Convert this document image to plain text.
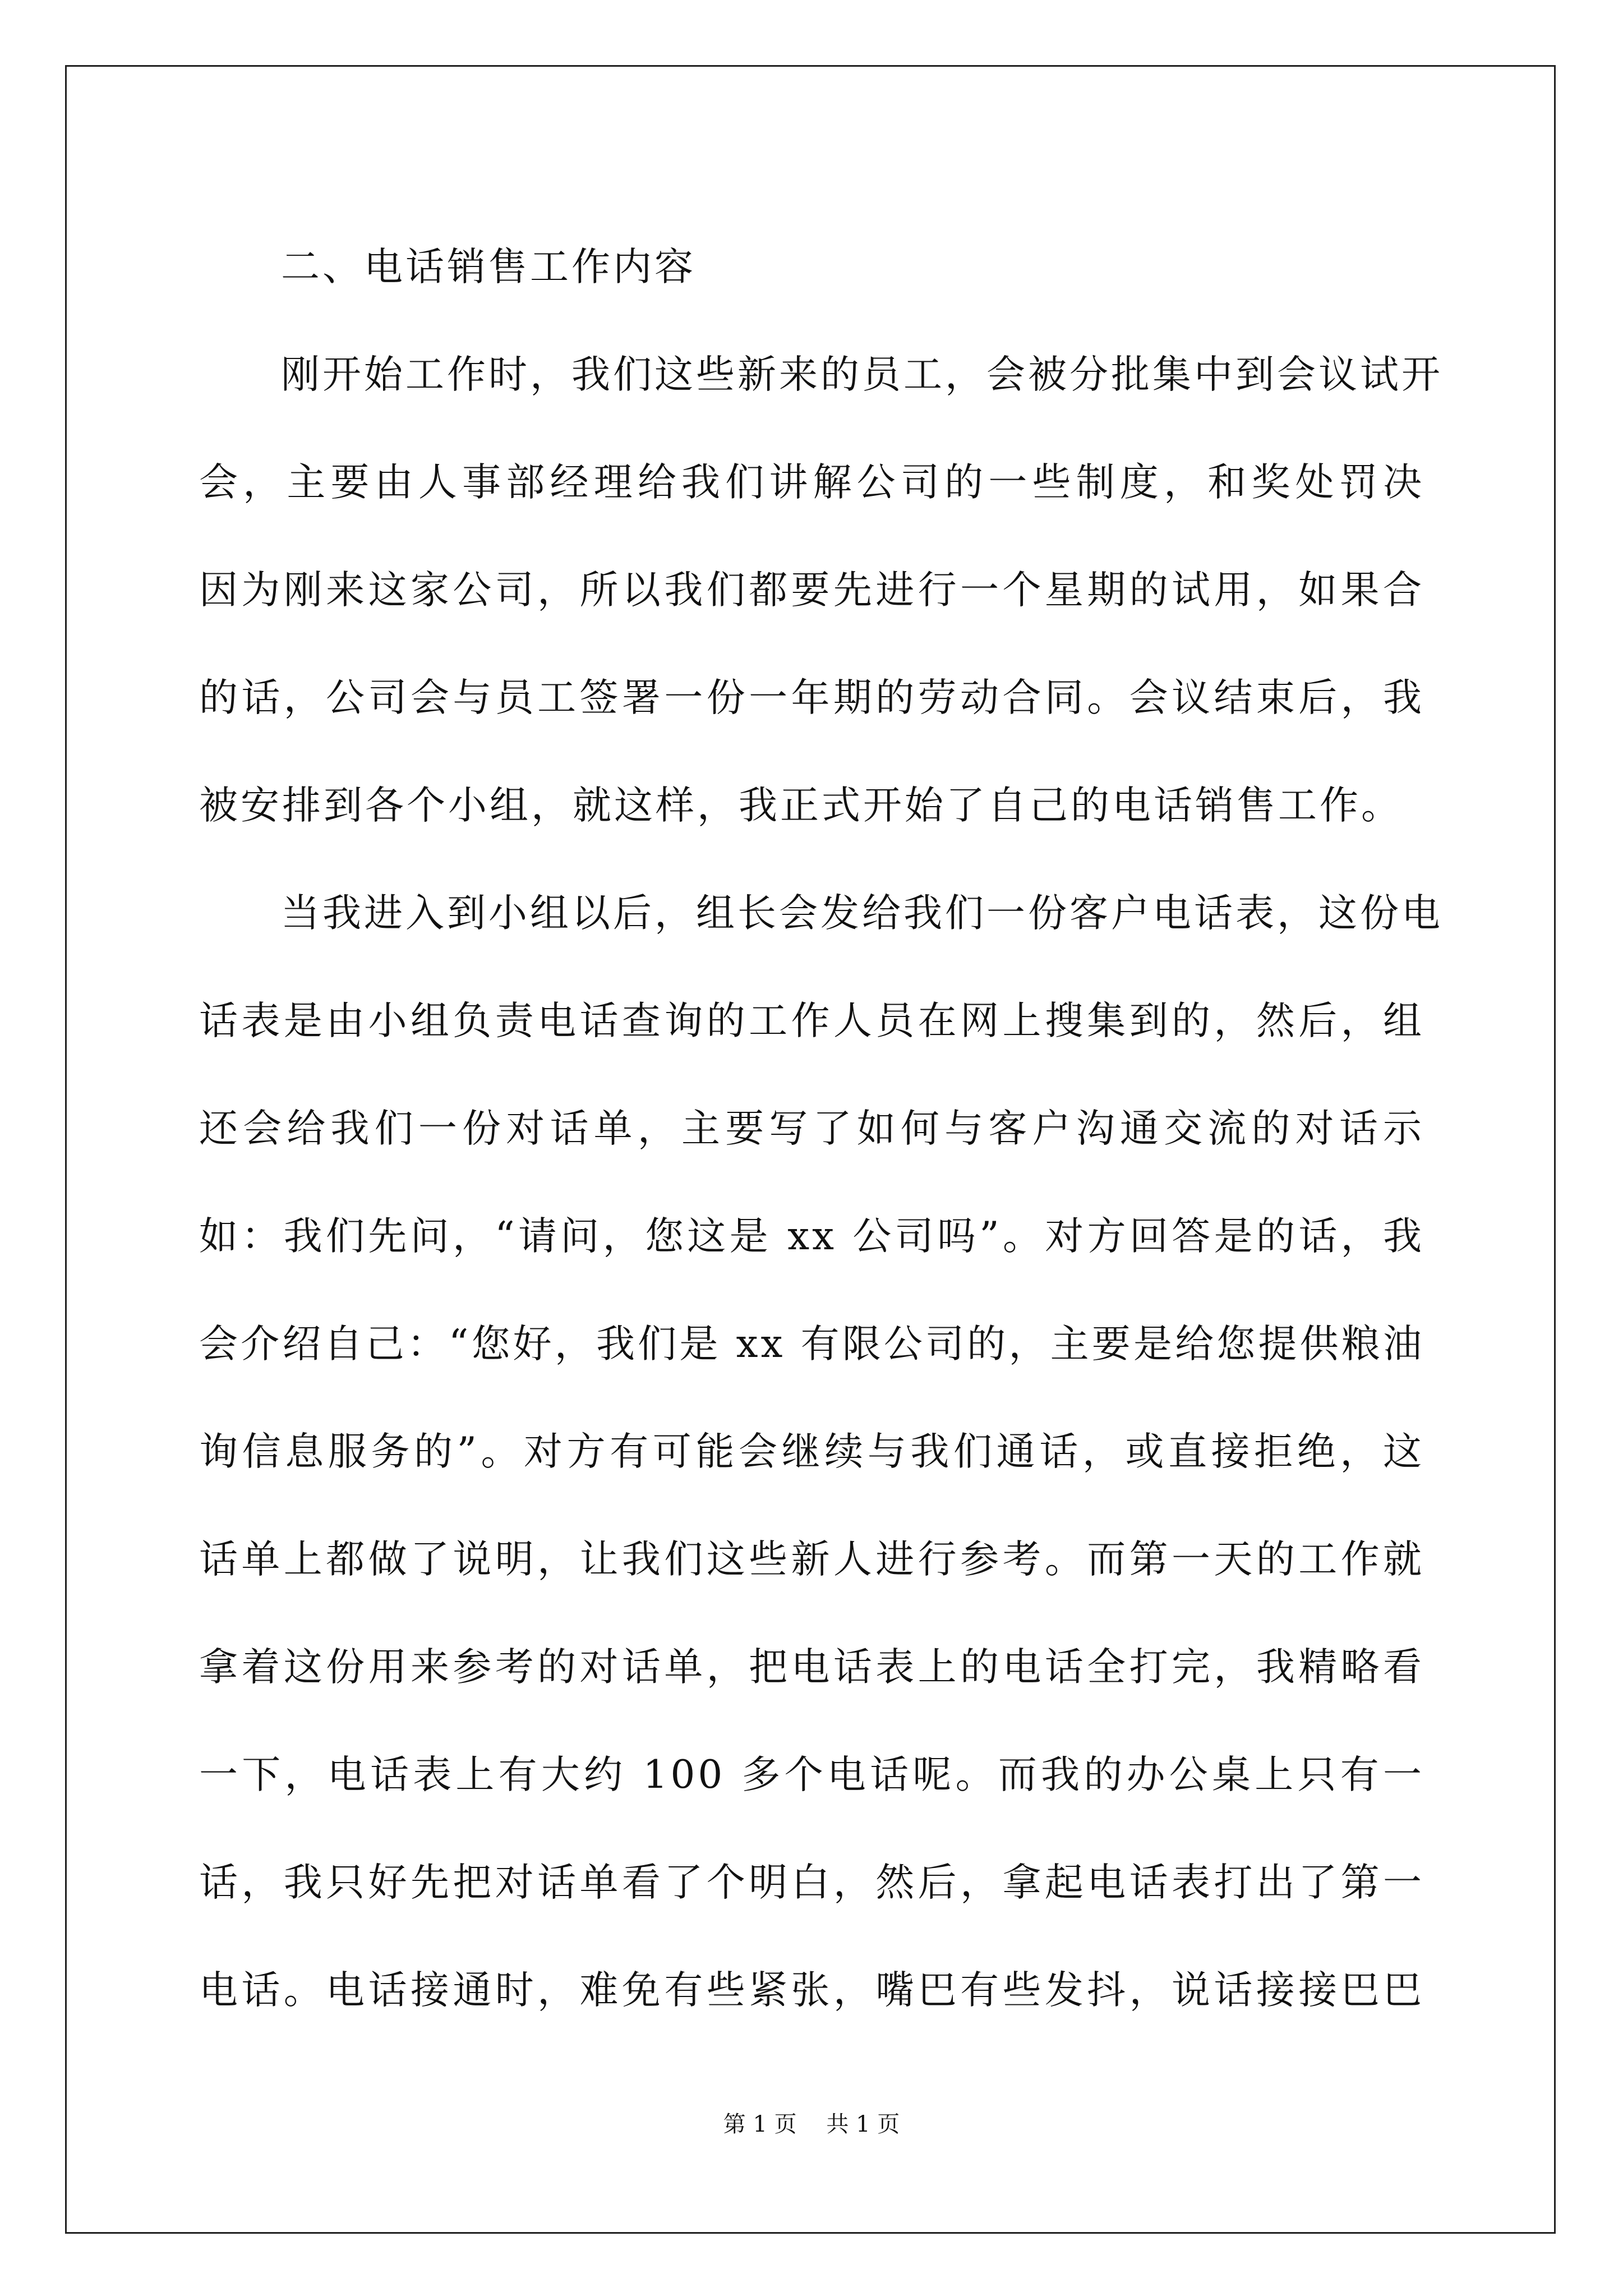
二、电话销售工作内容
刚开始工作时，我们这些新来的员工，会被分批集中到会议试开
会，主要由人事部经理给我们讲解公司的一些制度，和奖处罚决
因为刚来这家公司，所以我们都要先进行一个星期的试用，如果合
的话，公司会与员工签署一份一年期的劳动合同。会议结束后，我
被安排到各个小组，就这样，我正式开始了自己的电话销售工作。
当我进入到小组以后，组长会发给我们一份客户电话表，这份电
话表是由小组负责电话查询的工作人员在网上搜集到的，然后，组
还会给我们一份对话单，主要写了如何与客户沟通交流的对话示
如：我们先问，“请问，您这是 xx 公司吗”。对方回答是的话，我
会介绍自己：“您好，我们是 xx 有限公司的，主要是给您提供粮油
询信息服务的”。对方有可能会继续与我们通话，或直接拒绝，这
话单上都做了说明，让我们这些新人进行参考。而第一天的工作就
拿着这份用来参考的对话单，把电话表上的电话全打完，我精略看
一下，电话表上有大约 100 多个电话呢。而我的办公桌上只有一
话，我只好先把对话单看了个明白，然后，拿起电话表打出了第一
电话。电话接通时，难免有些紧张，嘴巴有些发抖，说话接接巴巴
第 1 页 共 1 页
